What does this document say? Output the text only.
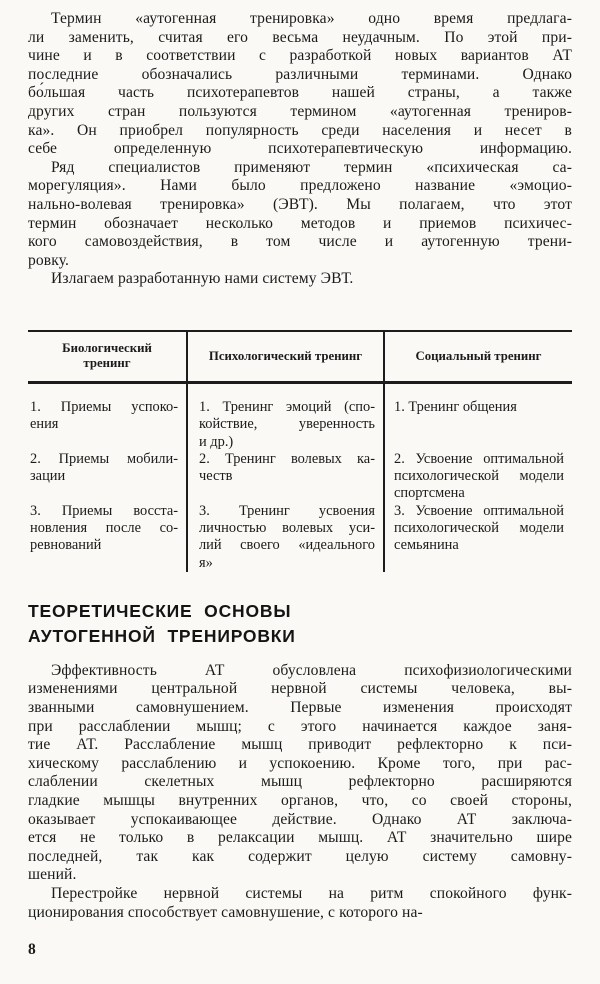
Термин «аутогенная тренировка» одно время предлага-
ли заменить, считая его весьма неудачным. По этой при-
чине и в соответствии с разработкой новых вариантов АТ
последние обозначались различными терминами. Однако
бо́льшая часть психотерапевтов нашей страны, а также
других стран пользуются термином «аутогенная трениров-
ка». Он приобрел популярность среди населения и несет в
себе определенную психотерапевтическую информацию.
Ряд специалистов применяют термин «психическая са-
морегуляция». Нами было предложено название «эмоцио-
нально-волевая тренировка» (ЭВТ). Мы полагаем, что этот
термин обозначает несколько методов и приемов психичес-
кого самовоздействия, в том числе и аутогенную трени-
ровку.
Излагаем разработанную нами систему ЭВТ.
Биологический
тренинг
Психологический тренинг	Социальный тренинг
1. Приемы успоко-
ения
1. Тренинг эмоций (спо-
койствие, уверенность
и др.)
1. Тренинг общения
2. Приемы мобили-
зации
2. Тренинг волевых ка-
честв
2. Усвоение оптимальной
психологической модели
спортсмена
3. Приемы восста-
новления после со-
ревнований
3. Тренинг усвоения
личностью волевых уси-
лий своего «идеального
я»
3. Усвоение оптимальной
психологической модели
семьянина
ТЕОРЕТИЧЕСКИЕ ОСНОВЫ
АУТОГЕННОЙ ТРЕНИРОВКИ
Эффективность АТ обусловлена психофизиологическими
изменениями центральной нервной системы человека, вы-
званными самовнушением. Первые изменения происходят
при расслаблении мышц; с этого начинается каждое заня-
тие АТ. Расслабление мышц приводит рефлекторно к пси-
хическому расслаблению и успокоению. Кроме того, при рас-
слаблении скелетных мышц рефлекторно расширяются
гладкие мышцы внутренних органов, что, со своей стороны,
оказывает успокаивающее действие. Однако АТ заключа-
ется не только в релаксации мышц. АТ значительно шире
последней, так как содержит целую систему самовну-
шений.
Перестройке нервной системы на ритм спокойного функ-
ционирования способствует самовнушение, с которого на-
8
